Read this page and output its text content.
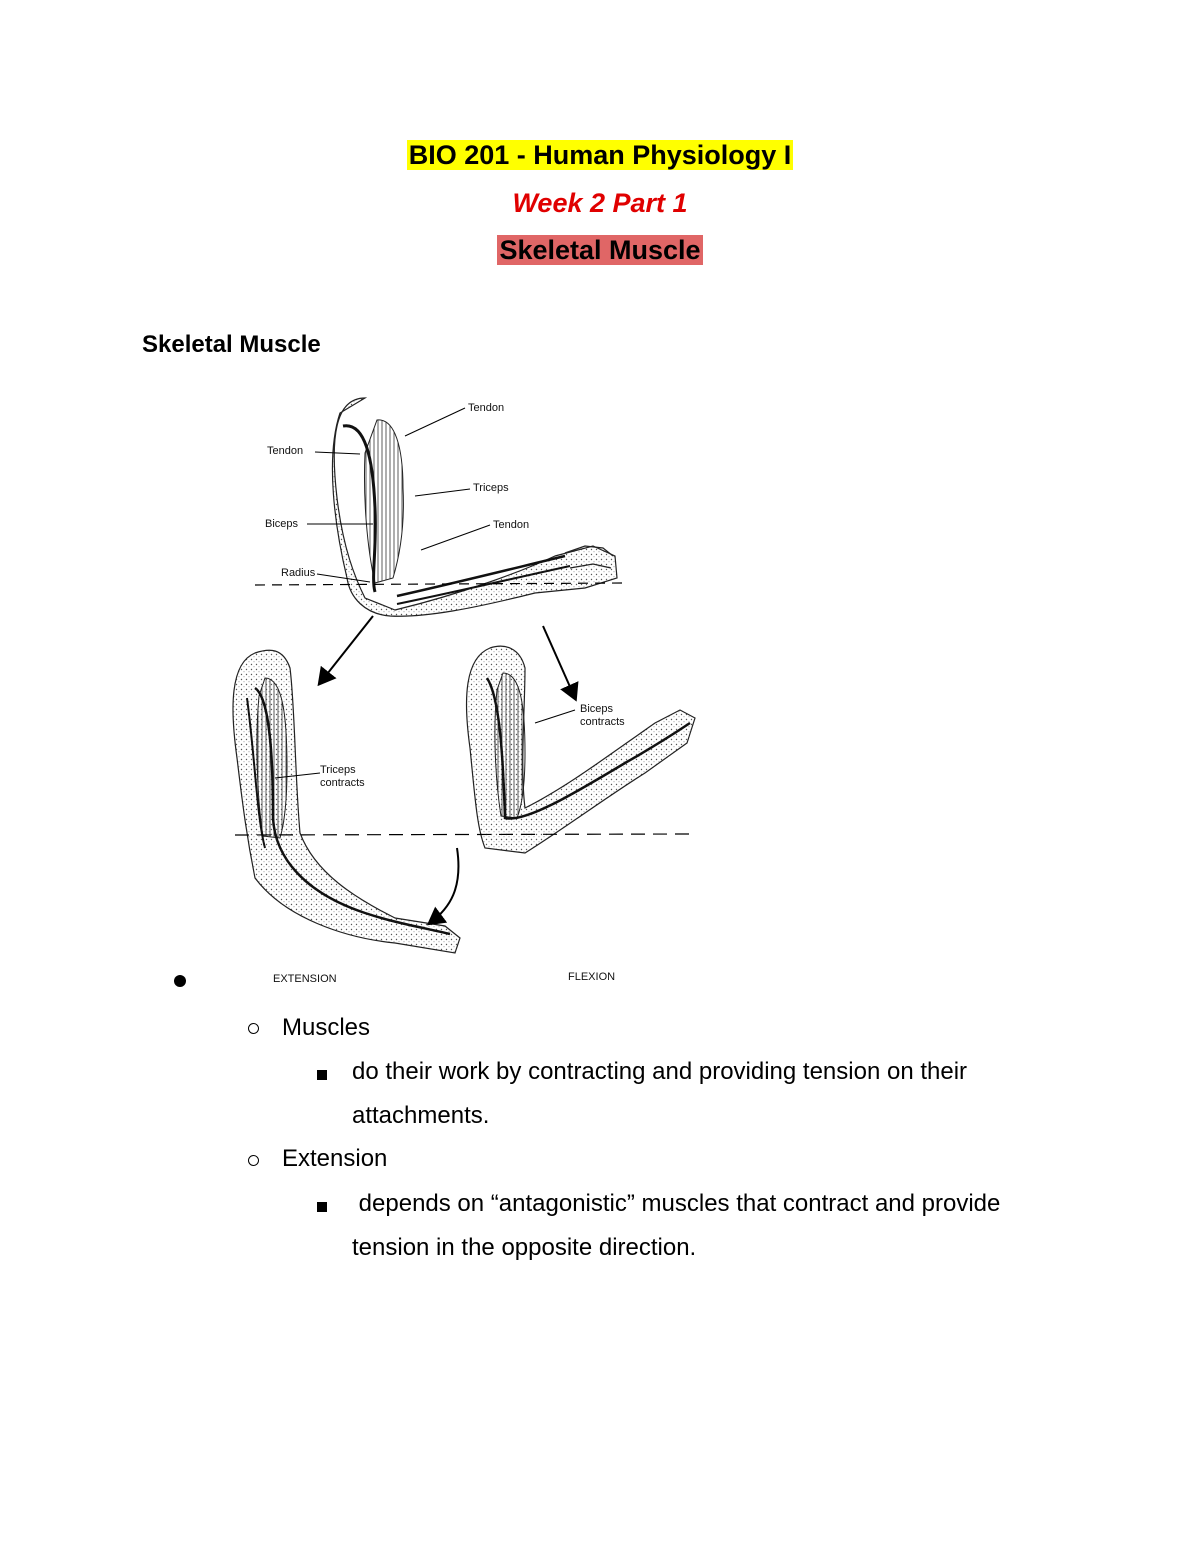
BIO 201 - Human Physiology I
Week 2 Part 1
Skeletal Muscle
Skeletal Muscle
Tendon
Tendon
Triceps
Biceps	Tendon
Radius
Biceps contracts
Triceps contracts
EXTENSION	FLEXION
Muscles
do their work by contracting and providing tension on their attachments.
Extension
depends on “antagonistic” muscles that contract and provide tension in the opposite direction.
